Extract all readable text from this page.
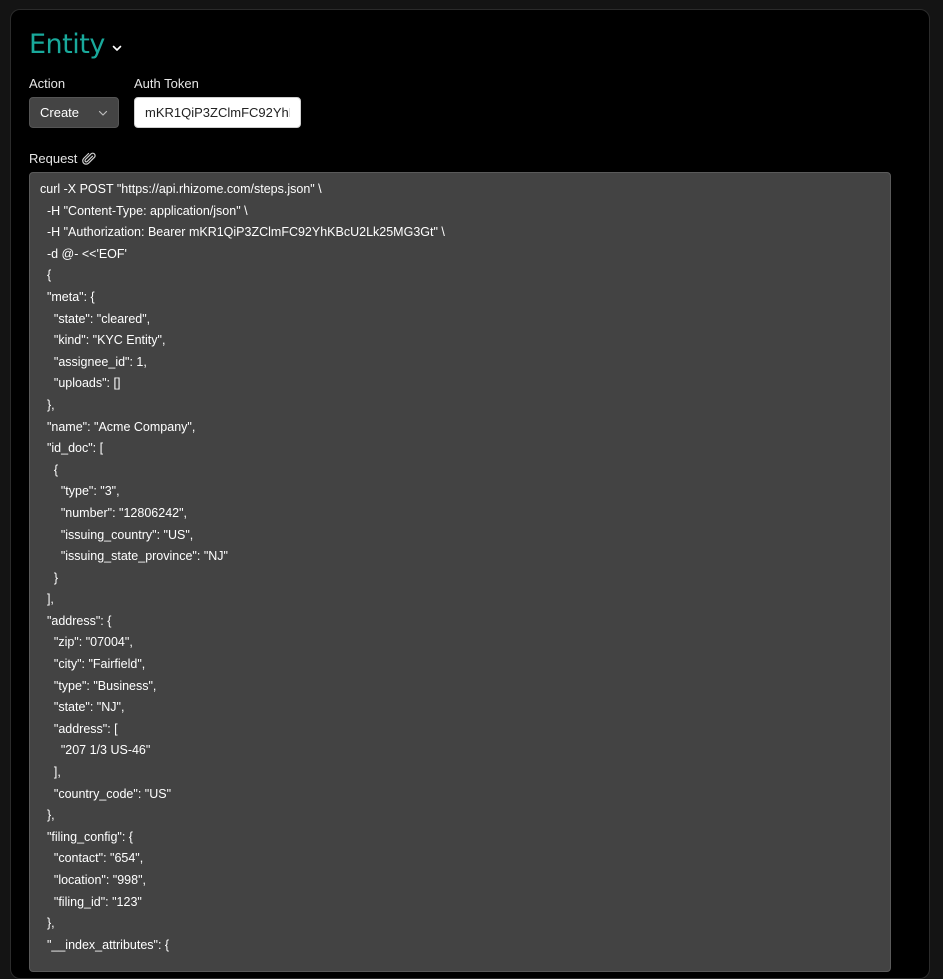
Entity
Action	Auth Token
Create
mKR1QiP3ZClmFC92YhKBcU2Lk25MG3Gt
Request
curl -X POST "https://api.rhizome.com/steps.json" \
-H "Content-Type: application/json" \
-H "Authorization: Bearer mKR1QiP3ZClmFC92YhKBcU2Lk25MG3Gt" \
-d @- <<'EOF'
{
"meta": {
"state": "cleared",
"kind": "KYC Entity",
"assignee_id": 1,
"uploads": []
},
"name": "Acme Company",
"id_doc": [
{
"type": "3",
"number": "12806242",
"issuing_country": "US",
"issuing_state_province": "NJ"
}
],
"address": {
"zip": "07004",
"city": "Fairfield",
"type": "Business",
"state": "NJ",
"address": [
"207 1/3 US-46"
],
"country_code": "US"
},
"filing_config": {
"contact": "654",
"location": "998",
"filing_id": "123"
},
"__index_attributes": {
